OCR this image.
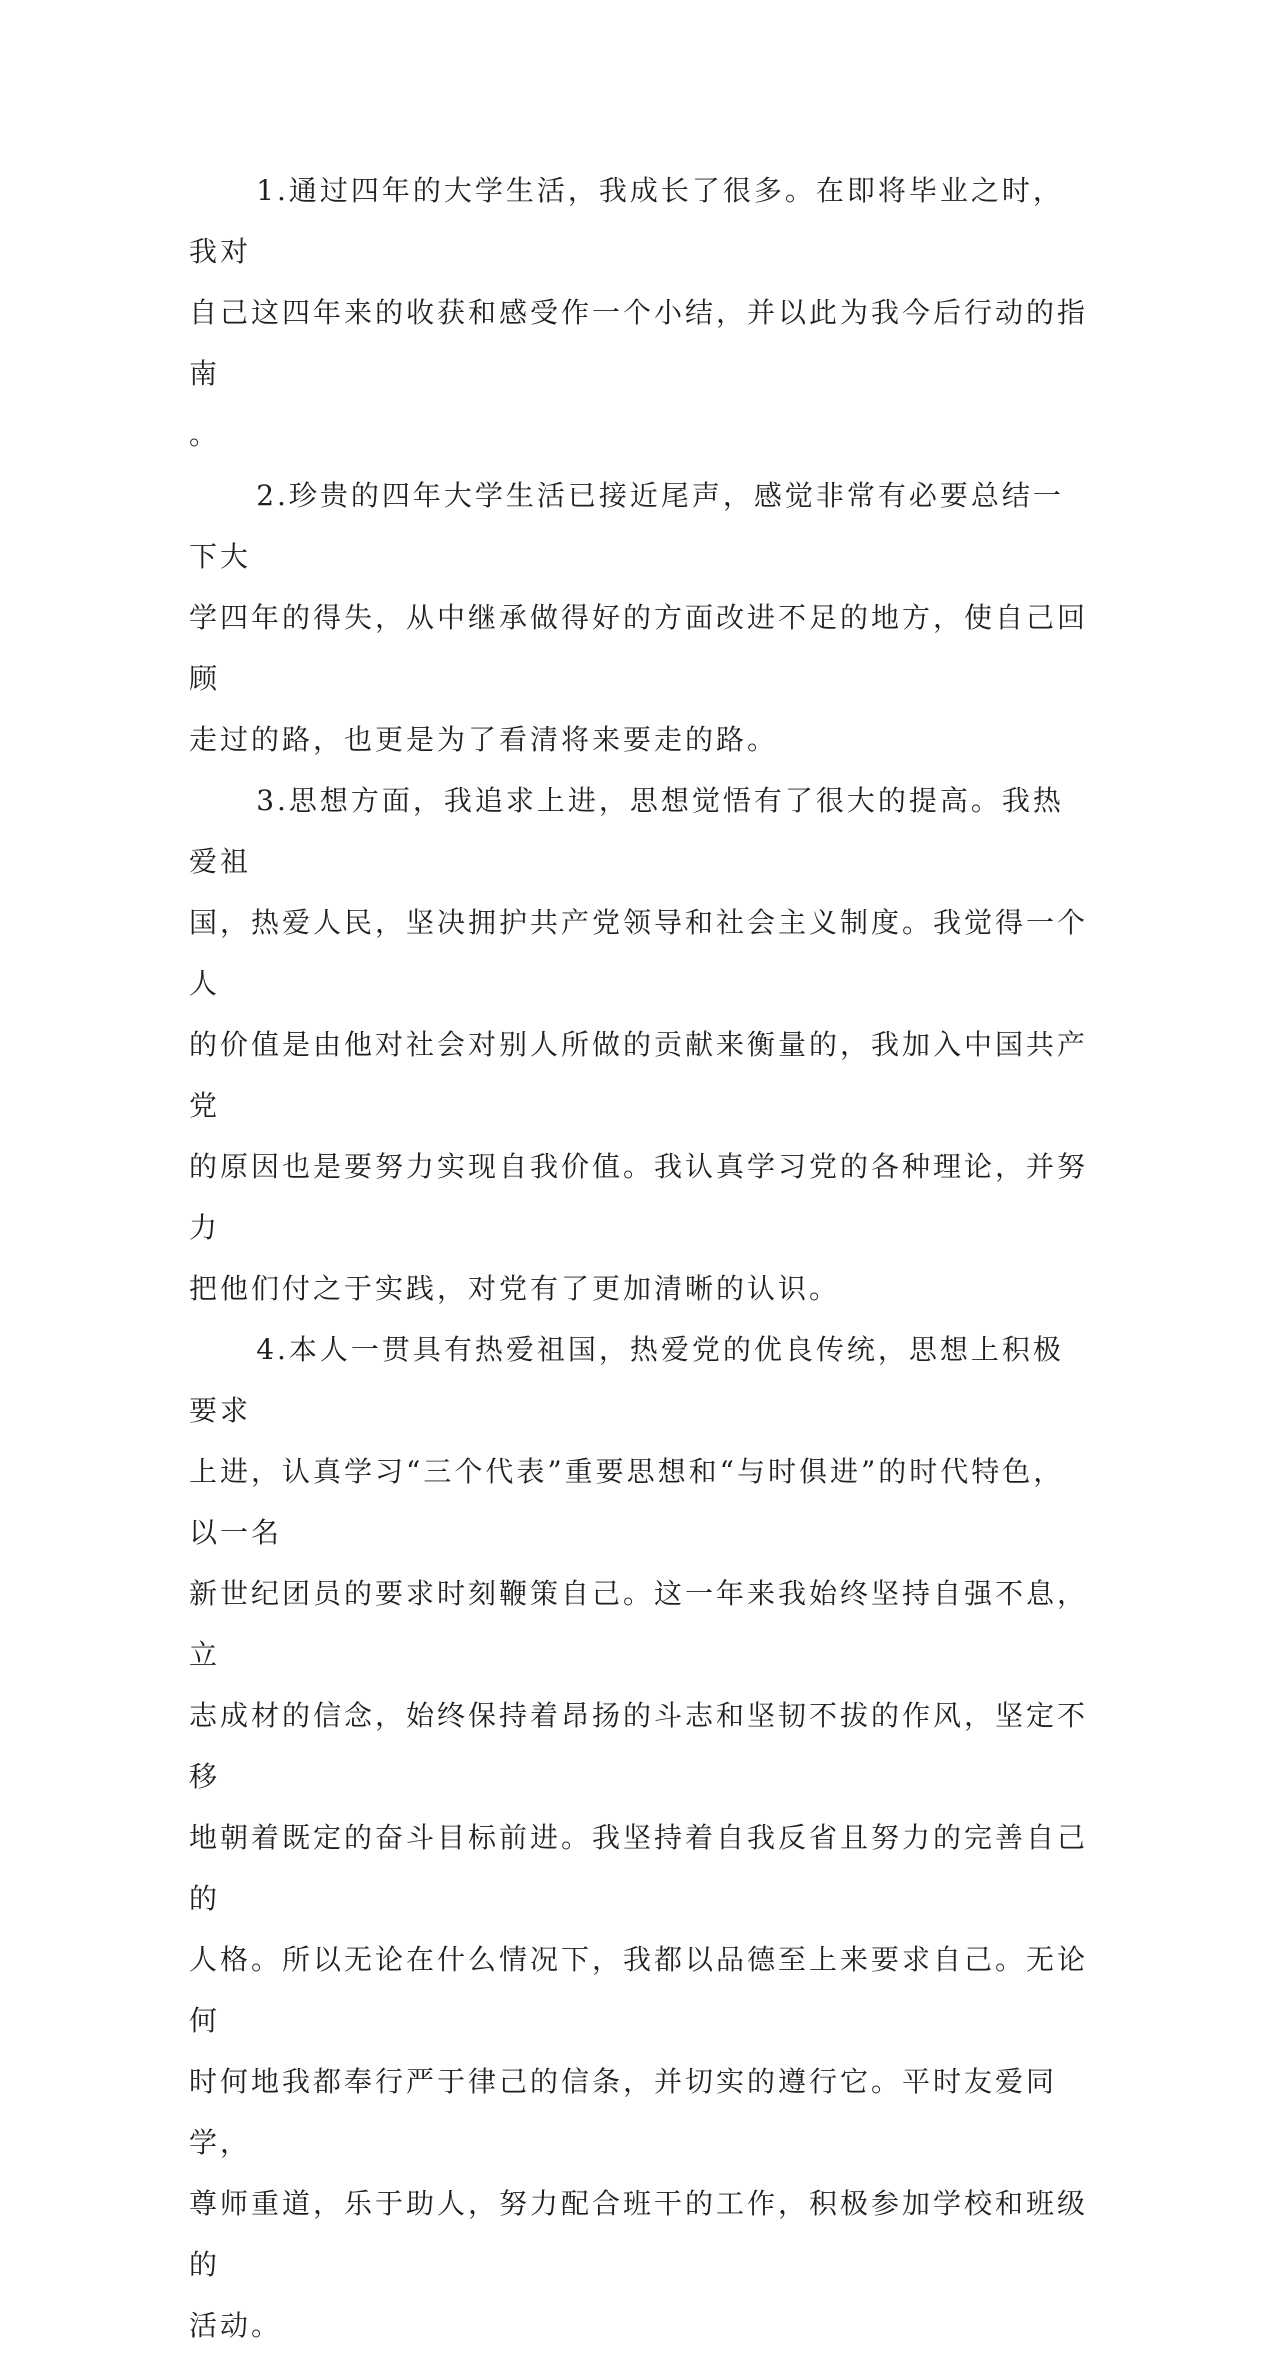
1.通过四年的大学生活，我成长了很多。在即将毕业之时，我对
自己这四年来的收获和感受作一个小结，并以此为我今后行动的指南
。

2.珍贵的四年大学生活已接近尾声，感觉非常有必要总结一下大
学四年的得失，从中继承做得好的方面改进不足的地方，使自己回顾
走过的路，也更是为了看清将来要走的路。

3.思想方面，我追求上进，思想觉悟有了很大的提高。我热爱祖
国，热爱人民，坚决拥护共产党领导和社会主义制度。我觉得一个人
的价值是由他对社会对别人所做的贡献来衡量的，我加入中国共产党
的原因也是要努力实现自我价值。我认真学习党的各种理论，并努力
把他们付之于实践，对党有了更加清晰的认识。

4.本人一贯具有热爱祖国，热爱党的优良传统，思想上积极要求
上进，认真学习“三个代表”重要思想和“与时俱进”的时代特色，以一名
新世纪团员的要求时刻鞭策自己。这一年来我始终坚持自强不息，立
志成材的信念，始终保持着昂扬的斗志和坚韧不拔的作风，坚定不移
地朝着既定的奋斗目标前进。我坚持着自我反省且努力的完善自己的
人格。所以无论在什么情况下，我都以品德至上来要求自己。无论何
时何地我都奉行严于律己的信条，并切实的遵行它。平时友爱同学，
尊师重道，乐于助人，努力配合班干的工作，积极参加学校和班级的
活动。
